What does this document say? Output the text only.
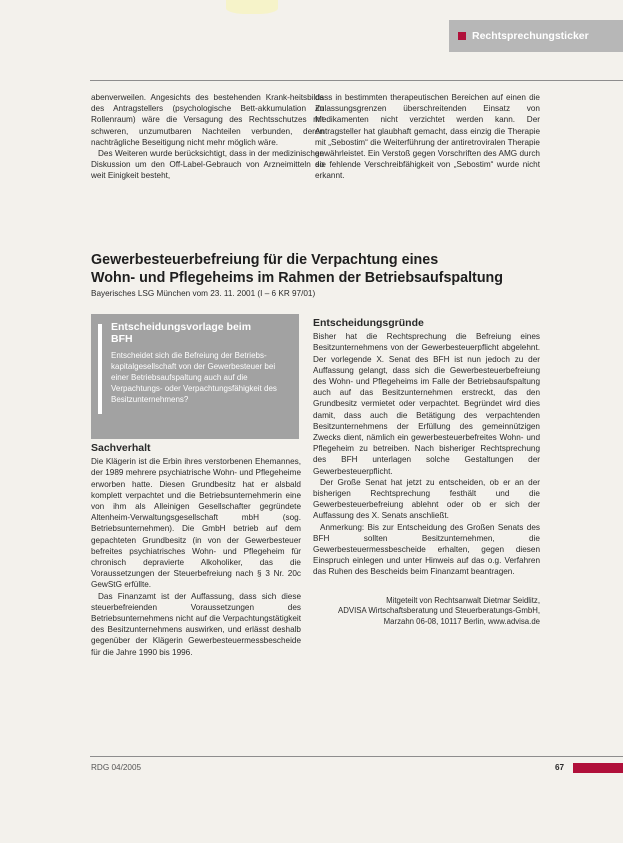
Rechtsprechungsticker

abenverweilen. Angesichts des bestehenden Krank-heitsbilds des Antragstellers (psychologische Bett-akkumulation im Rollenraum) wäre die Versagung des Rechtsschutzes mit schweren, unzumutbaren Nachteilen verbunden, deren nachträgliche Beseitigung nicht mehr möglich wäre.

Des Weiteren wurde berücksichtigt, dass in der medizinischen Diskussion um den Off-Label-Gebrauch von Arzneimitteln so weit Einigkeit besteht,

dass in bestimmten therapeutischen Bereichen auf einen die Zulassungsgrenzen überschreitenden Einsatz von Medikamenten nicht verzichtet werden kann. Der Antragsteller hat glaubhaft gemacht, dass einzig die Therapie mit „Sebostim“ die Weiterführung der antiretroviralen Therapie gewährleistet. Ein Verstoß gegen Vorschriften des AMG durch die fehlende Verschreibfähigkeit von „Sebostim“ wurde nicht erkannt.

Gewerbesteuerbefreiung für die Verpachtung eines
Wohn- und Pflegeheims im Rahmen der Betriebsaufspaltung
Bayerisches LSG München vom 23. 11. 2001 (I – 6 KR 97/01)
Entscheidungsvorlage beim
BFH
Entscheidet sich die Befreiung der Betriebs-kapitalgesellschaft von der Gewerbesteuer bei einer Betriebsaufspaltung auch auf die Verpachtungs- oder Verpachtungsfähigkeit des Besitzunternehmens?
Sachverhalt

Die Klägerin ist die Erbin ihres verstorbenen Ehemannes, der 1989 mehrere psychiatrische Wohn- und Pflegeheime erworben hatte. Diesen Grundbesitz hat er alsbald komplett verpachtet und die Betriebsunternehmerin eine von ihm als Alleinigen Gesellschafter gegründete Altenheim-Verwaltungsgesellschaft mbH (sog. Betriebsunternehmen). Die GmbH betrieb auf dem gepachteten Grundbesitz (in von der Gewerbesteuer befreites psychiatrisches Wohn- und Pflegeheim für chronisch depravierte Alkoholiker, das die Voraussetzungen der Steuerbefreiung nach § 3 Nr. 20c GewStG erfüllte.

Das Finanzamt ist der Auffassung, dass sich diese steuerbefreienden Voraussetzungen des Betriebsunternehmens nicht auf die Verpachtungstätigkeit des Besitzunternehmens auswirken, und erlässt deshalb gegenüber der Klägerin Gewerbesteuermessbescheide für die Jahre 1990 bis 1996.

Entscheidungsgründe

Bisher hat die Rechtsprechung die Befreiung eines Besitzunternehmens von der Gewerbesteuerpflicht abgelehnt. Der vorlegende X. Senat des BFH ist nun jedoch zu der Auffassung gelangt, dass sich die Gewerbesteuerbefreiung des Wohn- und Pflegeheims im Falle der Betriebsaufspaltung auch auf das Besitzunternehmen erstreckt, das den Grundbesitz vermietet oder verpachtet. Begründet wird dies damit, dass auch die Betätigung des verpachtenden Besitzunternehmens der Erfüllung des gemeinnützigen Zwecks dient, nämlich ein gewerbesteuerbefreites Wohn- und Pflegeheim zu betreiben. Nach bisheriger Rechtsprechung des BFH unterlagen solche Gestaltungen der Gewerbesteuerpflicht.

Der Große Senat hat jetzt zu entscheiden, ob er an der bisherigen Rechtsprechung festhält und die Gewerbesteuerbefreiung ablehnt oder ob er sich der Auffassung des X. Senats anschließt.

Anmerkung: Bis zur Entscheidung des Großen Senats des BFH sollten Besitzunternehmen, die Gewerbesteuermessbescheide erhalten, gegen diesen Einspruch einlegen und unter Hinweis auf das o.g. Verfahren das Ruhen des Bescheids beim Finanzamt beantragen.

Mitgeteilt von Rechtsanwalt Dietmar Seidlitz,
ADVISA Wirtschaftsberatung und Steuerberatungs-GmbH,
Marzahn 06-08, 10117 Berlin, www.advisa.de
RDG 04/2005	67
